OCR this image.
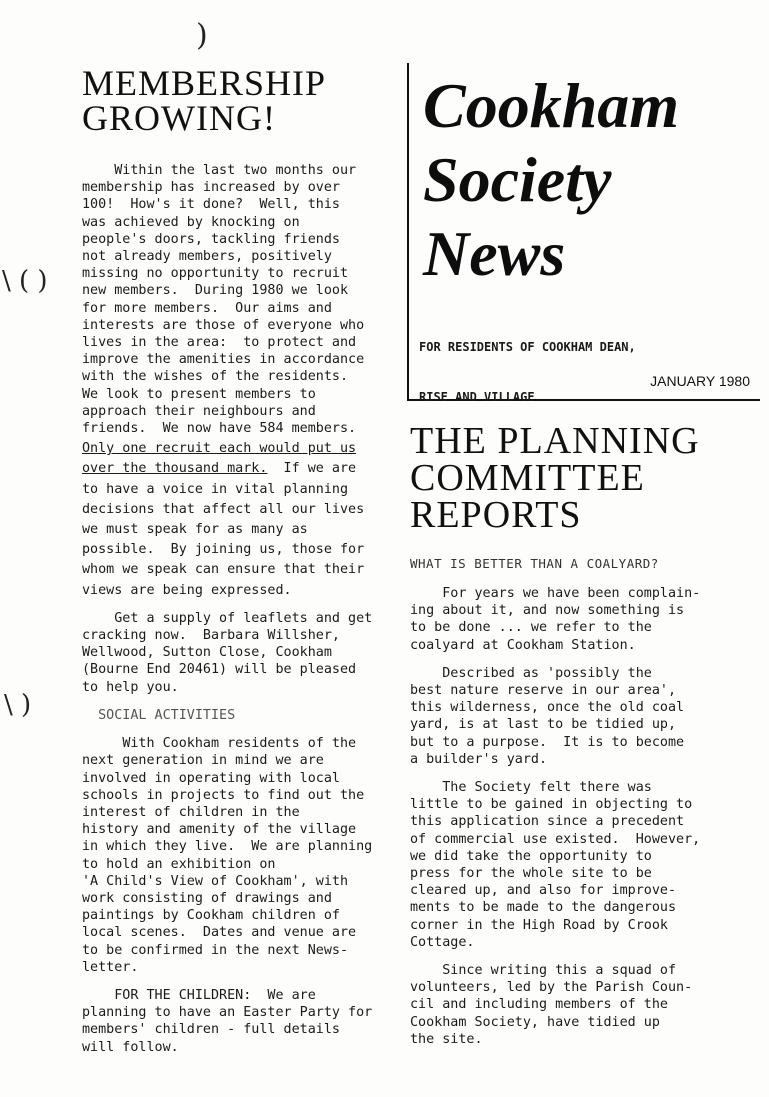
)
\ ( )
\ )
MEMBERSHIP
GROWING!

Within the last two months our
membership has increased by over
100!  How's it done?  Well, this
was achieved by knocking on
people's doors, tackling friends
not already members, positively
missing no opportunity to recruit
new members.  During 1980 we look
for more members.  Our aims and
interests are those of everyone who
lives in the area:  to protect and
improve the amenities in accordance
with the wishes of the residents.
We look to present members to
approach their neighbours and
friends.  We now have 584 members.

Only one recruit each would put us
over the thousand mark.

If we are
to have a voice in vital planning
decisions that affect all our lives
we must speak for as many as
possible.  By joining us, those for
whom we speak can ensure that their
views are being expressed.

Get a supply of leaflets and get
cracking now.  Barbara Willsher,
Wellwood, Sutton Close, Cookham
(Bourne End 20461) will be pleased
to help you.

SOCIAL ACTIVITIES

With Cookham residents of the
next generation in mind we are
involved in operating with local
schools in projects to find out the
interest of children in the
history and amenity of the village
in which they live.  We are planning
to hold an exhibition on
'A Child's View of Cookham', with
work consisting of drawings and
paintings by Cookham children of
local scenes.  Dates and venue are
to be confirmed in the next News-
letter.

FOR THE CHILDREN:  We are
planning to have an Easter Party for
members' children - full details
will follow.

Cookham
Society
News
FOR RESIDENTS OF COOKHAM DEAN,

RISE AND VILLAGE
JANUARY 1980
THE PLANNING
COMMITTEE
REPORTS
WHAT IS BETTER THAN A COALYARD?

For years we have been complain-
ing about it, and now something is
to be done ... we refer to the
coalyard at Cookham Station.

Described as 'possibly the
best nature reserve in our area',
this wilderness, once the old coal
yard, is at last to be tidied up,
but to a purpose.  It is to become
a builder's yard.

The Society felt there was
little to be gained in objecting to
this application since a precedent
of commercial use existed.  However,
we did take the opportunity to
press for the whole site to be
cleared up, and also for improve-
ments to be made to the dangerous
corner in the High Road by Crook
Cottage.

Since writing this a squad of
volunteers, led by the Parish Coun-
cil and including members of the
Cookham Society, have tidied up
the site.
